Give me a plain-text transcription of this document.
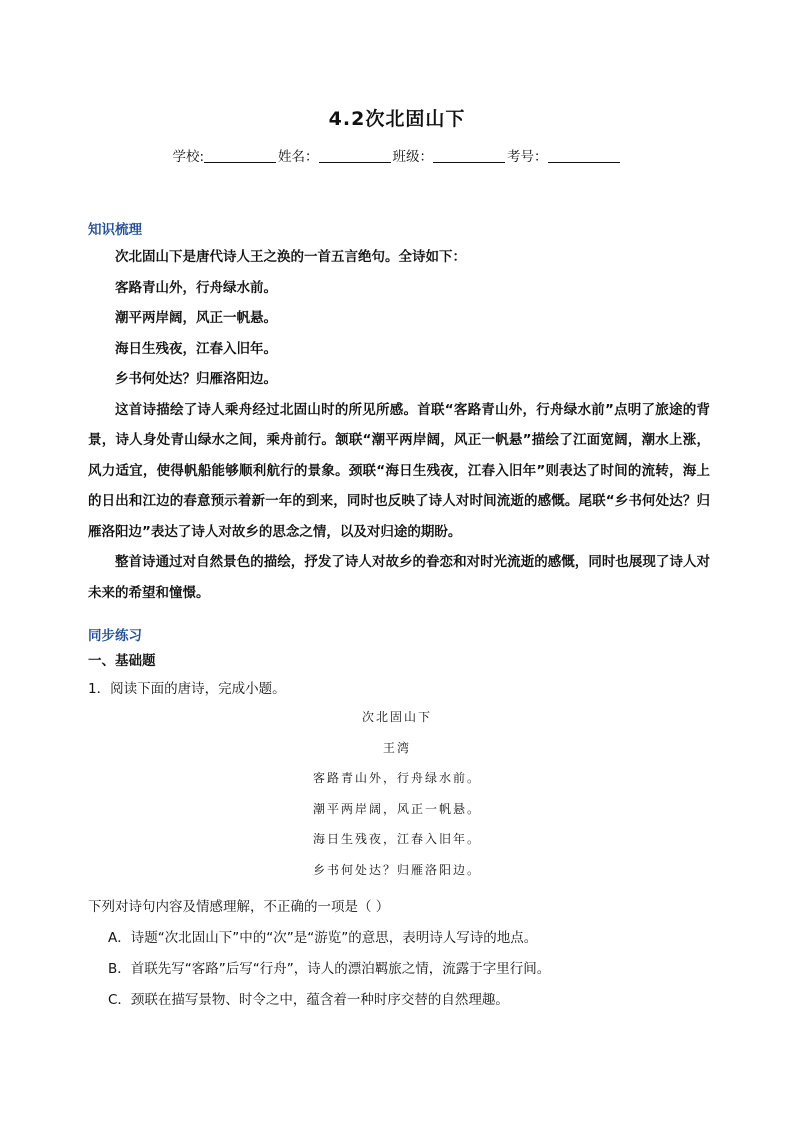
4.2次北固山下
学校:	姓名：	班级：	考号：
知识梳理

次北固山下是唐代诗人王之涣的一首五言绝句。全诗如下：

客路青山外，行舟绿水前。

潮平两岸阔，风正一帆悬。

海日生残夜，江春入旧年。

乡书何处达？归雁洛阳边。

这首诗描绘了诗人乘舟经过北固山时的所见所感。首联“客路青山外，行舟绿水前”点明了旅途的背景，诗人身处青山绿水之间，乘舟前行。颔联“潮平两岸阔，风正一帆悬”描绘了江面宽阔，潮水上涨，风力适宜，使得帆船能够顺利航行的景象。颈联“海日生残夜，江春入旧年”则表达了时间的流转，海上的日出和江边的春意预示着新一年的到来，同时也反映了诗人对时间流逝的感慨。尾联“乡书何处达？归雁洛阳边”表达了诗人对故乡的思念之情，以及对归途的期盼。

整首诗通过对自然景色的描绘，抒发了诗人对故乡的眷恋和对时光流逝的感慨，同时也展现了诗人对未来的希望和憧憬。

同步练习
一、基础题
1．阅读下面的唐诗，完成小题。
次北固山下
王湾
客路青山外，行舟绿水前。
潮平两岸阔，风正一帆悬。
海日生残夜，江春入旧年。
乡书何处达？归雁洛阳边。
下列对诗句内容及情感理解，不正确的一项是（ ）
A．诗题“次北固山下”中的“次”是“游览”的意思，表明诗人写诗的地点。
B．首联先写“客路”后写“行舟”，诗人的漂泊羁旅之情，流露于字里行间。
C．颈联在描写景物、时令之中，蕴含着一种时序交替的自然理趣。
